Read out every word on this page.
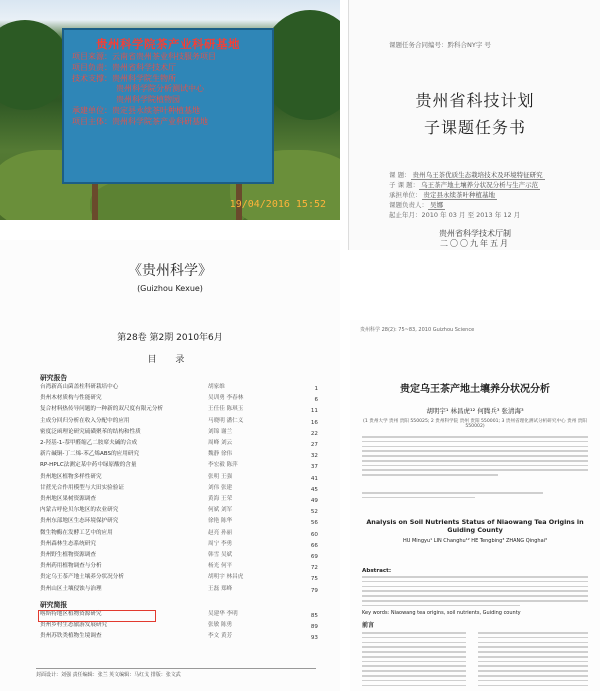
贵州科学院茶产业科研基地
项目来源：云南省贵州茶业科技服务项目
项目负责：贵州省科学技术厅
技术支撑：贵州科学院生物所
贵州科学院分析测试中心
贵州科学院植物园
承建单位：贵定县永续茶叶种植基地
项目主体：贵州科学院茶产业科研基地
19/04/2016 15:52
课题任务合同编号：黔科合NY字 号
贵州省科技计划
子课题任务书
课 题： 贵州乌王茶优质生态栽培技术及环境特征研究
子 课 题： 乌王茶产地土壤养分状况分析与生产示范
承担单位： 贵定县永续茶叶种植基地
课题负责人： 吴娜
起止年月：2010 年 03 月 至 2013 年 12 月
贵州省科学技术厅制
二〇〇九年五月
《贵州科学》
(Guizhou Kexue)
第28卷 第2期 2010年6月
目 录
研究报告
台湾新高山菌盖柱科研栽培中心	胡家维	1
贵州木材质构与性能研究	吴训勇 李春林	6
复合材料热传导问题的一种新的双尺度有限元分析	王任佳 陈琪玉	11
主成分回归分析在收入分配中的应用	马晓明 潘仁义	16
密度泛函理论研究硫磺聚苯的结构和性质	刘锦 谢兰	22
2-羟基-1-萘甲醛缩乙二胺席夫碱的合成	周峰 刘云	27
新片碱铜-丁二烯-苯乙烯ABS的应用研究	魏静 徐伟	32
RP-HPLC法测定某中药中绿原酸的含量	李宏毅 陈萍	37
贵州地区植物多样性研究	张明 王强	41
甘蔗光合作用模型与大田实验验证	刘伟 张建	45
贵州地区果树资源调查	黄海 王荣	49
内蒙古呼伦贝尔地区的农业研究	何斌 刘军	52
贵州东部地区生态环境保护研究	徐艳 陈华	56
微生物酶在发酵工艺中的应用	赵亮 孙丽	60
贵州森林生态系统研究	周宁 李勇	66
贵州野生植物资源调查	韩雪 吴斌	69
贵州药用植物调查与分析	杨光 何平	72
贵定乌王茶产地土壤养分状况分析	胡明宇 林昌虎	75
贵州山区土壤侵蚀与治理	王磊 郑峰	79
研究简报
喀斯特地区植物资源研究	吴建华 李明	85
贵州乡村生态旅游发展研究	张敏 陈勇	89
贵州苏铁类植物生境调查	李文 黄芳	93
封面设计：刘强 责任编辑：张兰 英文编辑：马红戈 排版：张文武
贵州科学 28(2): 75~83, 2010 Guizhou Science
贵定乌王茶产地土壤养分状况分析
胡明宇¹ 林昌虎¹² 何腾兵³ 张清海³
(1 贵州大学 贵州 贵阳 550025; 2 贵州科学院 贵州 贵阳 550001; 3 贵州省理化测试分析研究中心 贵州 贵阳 550002)
Analysis on Soil Nutrients Status of Niaowang Tea Origins in Guiding County
HU Mingyu¹ LIN Changhu¹² HE Tengbing³ ZHANG Qinghai³
Abstract:
Key words: Niaowang tea origins, soil nutrients, Guiding county
前言
